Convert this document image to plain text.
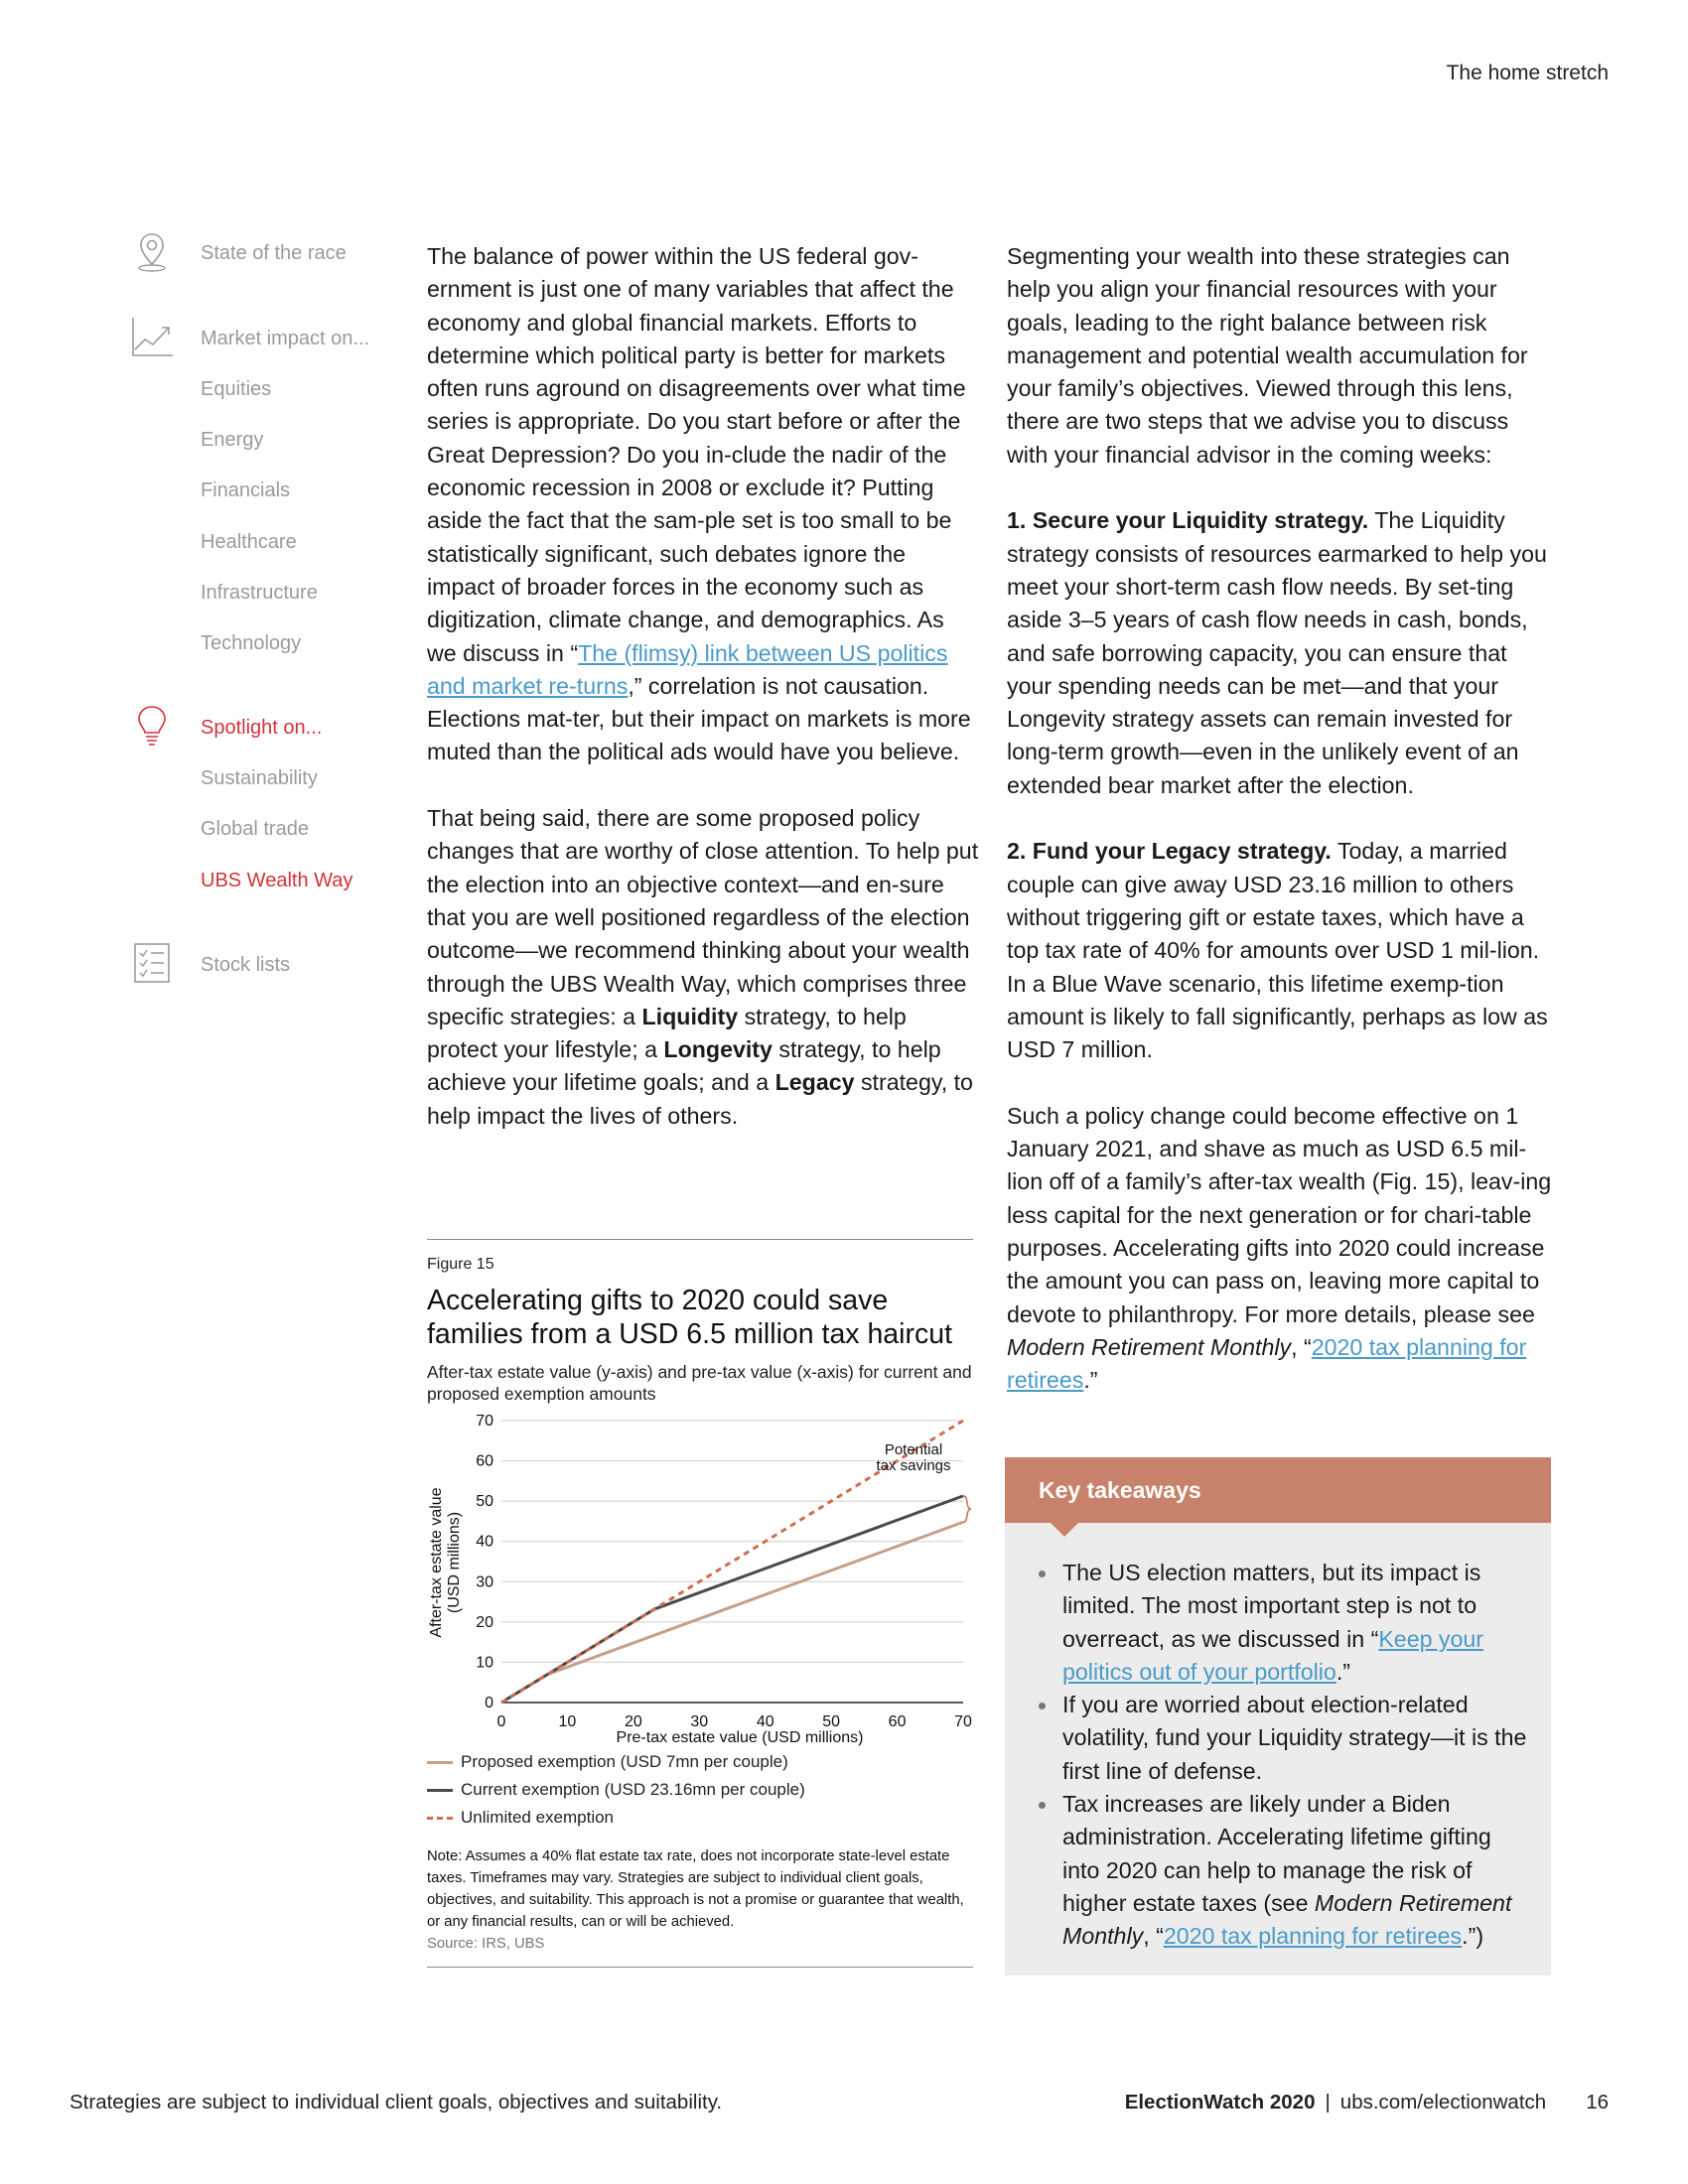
The home stretch
State of the race
Market impact on...
Equities
Energy
Financials
Healthcare
Infrastructure
Technology
Spotlight on...
Sustainability
Global trade
UBS Wealth Way
Stock lists

The balance of power within the US federal gov-ernment is just one of many variables that affect the economy and global financial markets. Efforts to determine which political party is better for markets often runs aground on disagreements over what time series is appropriate. Do you start before or after the Great Depression? Do you in-clude the nadir of the economic recession in 2008 or exclude it? Putting aside the fact that the sam-ple set is too small to be statistically significant, such debates ignore the impact of broader forces in the economy such as digitization, climate change, and demographics. As we discuss in “The (flimsy) link between US politics and market re-turns,” correlation is not causation. Elections mat-ter, but their impact on markets is more muted than the political ads would have you believe.

That being said, there are some proposed policy changes that are worthy of close attention. To help put the election into an objective context—and en-sure that you are well positioned regardless of the election outcome—we recommend thinking about your wealth through the UBS Wealth Way, which comprises three specific strategies: a Liquidity strategy, to help protect your lifestyle; a Longevity strategy, to help achieve your lifetime goals; and a Legacy strategy, to help impact the lives of others.

Segmenting your wealth into these strategies can help you align your financial resources with your goals, leading to the right balance between risk management and potential wealth accumulation for your family’s objectives. Viewed through this lens, there are two steps that we advise you to discuss with your financial advisor in the coming weeks:

1. Secure your Liquidity strategy. The Liquidity strategy consists of resources earmarked to help you meet your short-term cash flow needs. By set-ting aside 3–5 years of cash flow needs in cash, bonds, and safe borrowing capacity, you can ensure that your spending needs can be met—and that your Longevity strategy assets can remain invested for long-term growth—even in the unlikely event of an extended bear market after the election.

2. Fund your Legacy strategy. Today, a married couple can give away USD 23.16 million to others without triggering gift or estate taxes, which have a top tax rate of 40% for amounts over USD 1 mil-lion. In a Blue Wave scenario, this lifetime exemp-tion amount is likely to fall significantly, perhaps as low as USD 7 million.

Such a policy change could become effective on 1 January 2021, and shave as much as USD 6.5 mil-lion off of a family’s after-tax wealth (Fig. 15), leav-ing less capital for the next generation or for chari-table purposes. Accelerating gifts into 2020 could increase the amount you can pass on, leaving more capital to devote to philanthropy. For more details, please see Modern Retirement Monthly, “2020 tax planning for retirees.”

Figure 15
Accelerating gifts to 2020 could save families from a USD 6.5 million tax haircut
After-tax estate value (y-axis) and pre-tax value (x-axis) for current and proposed exemption amounts
0
10
20
30
40
50
60
70
0	10	20	30	40	50	60	70
Potential
tax savings
After-tax estate value (USD millions)
Pre-tax estate value (USD millions)
Proposed exemption (USD 7mn per couple)
Current exemption (USD 23.16mn per couple)
Unlimited exemption
Note: Assumes a 40% flat estate tax rate, does not incorporate state-level estate taxes. Timeframes may vary. Strategies are subject to individual client goals, objectives, and suitability. This approach is not a promise or guarantee that wealth, or any financial results, can or will be achieved.
Source: IRS, UBS
Key takeaways
The US election matters, but its impact is limited. The most important step is not to overreact, as we discussed in “Keep your politics out of your portfolio.”
If you are worried about election-related volatility, fund your Liquidity strategy—it is the first line of defense.
Tax increases are likely under a Biden administration. Accelerating lifetime gifting into 2020 can help to manage the risk of higher estate taxes (see Modern Retirement Monthly, “2020 tax planning for retirees.”)
Strategies are subject to individual client goals, objectives and suitability.	ElectionWatch 2020 | ubs.com/electionwatch 16
